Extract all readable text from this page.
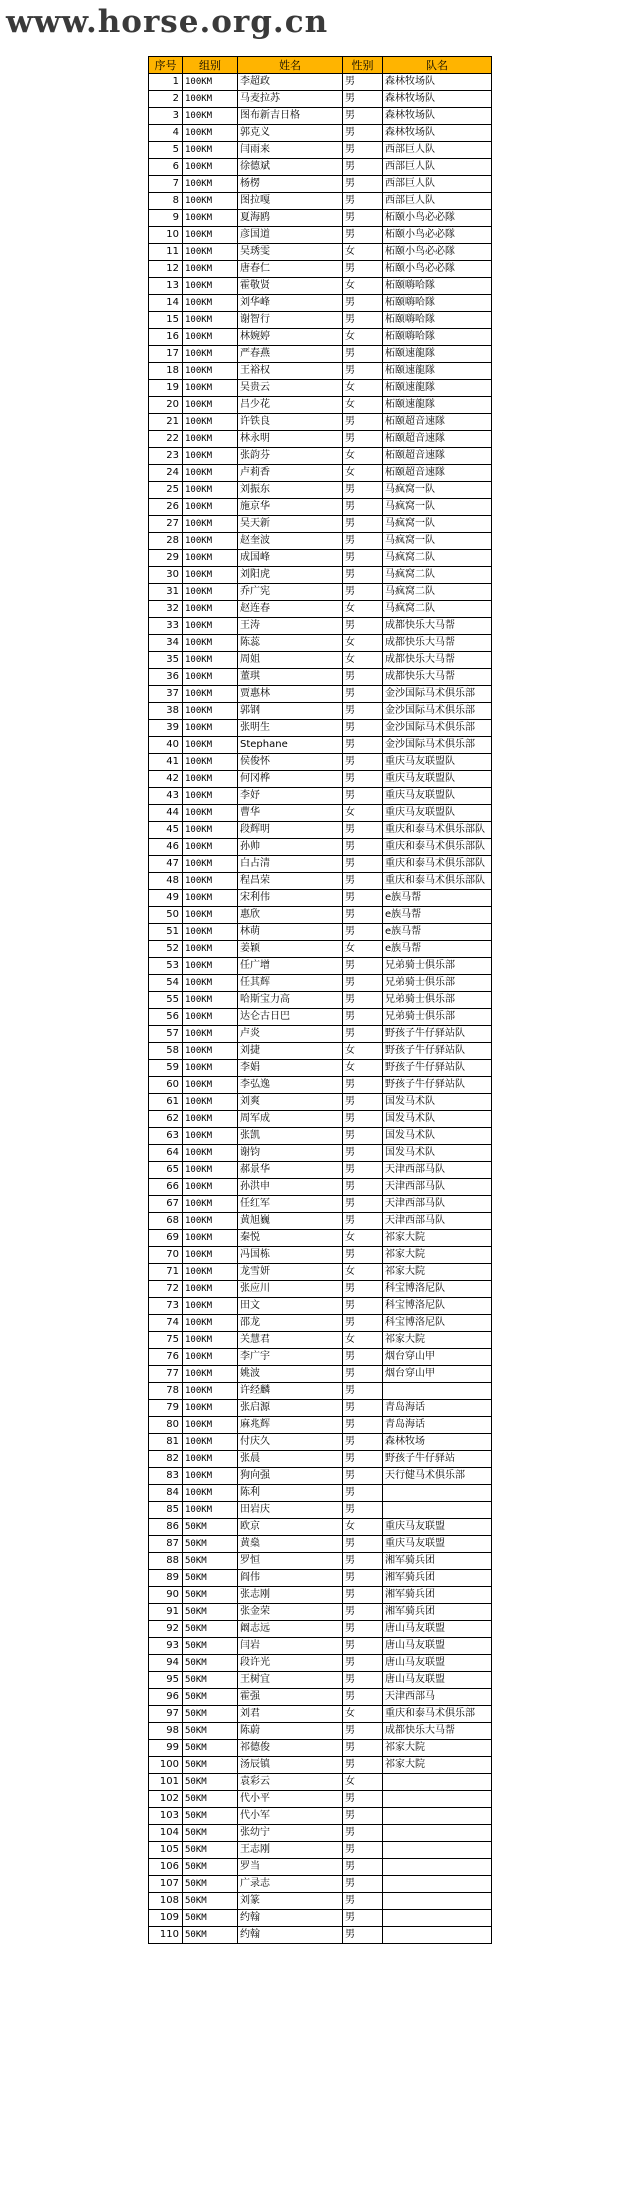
www.horse.org.cn
序号	组别	姓名	性别	队名
1	100KM	李超政	男	森林牧场队
2	100KM	马麦拉苏	男	森林牧场队
3	100KM	图布新吉日格	男	森林牧场队
4	100KM	郭克义	男	森林牧场队
5	100KM	闫雨来	男	西部巨人队
6	100KM	徐德斌	男	西部巨人队
7	100KM	杨楞	男	西部巨人队
8	100KM	图拉嘎	男	西部巨人队
9	100KM	夏海鸥	男	柘颐小鸟必必隊
10	100KM	彦国道	男	柘颐小鸟必必隊
11	100KM	吴琇雯	女	柘颐小鸟必必隊
12	100KM	唐春仁	男	柘颐小鸟必必隊
13	100KM	霍敬贤	女	柘颐嗨哈隊
14	100KM	刘华峰	男	柘颐嗨哈隊
15	100KM	谢智行	男	柘颐嗨哈隊
16	100KM	林婉婷	女	柘颐嗨哈隊
17	100KM	严春燕	男	柘颐速龍隊
18	100KM	王裕权	男	柘颐速龍隊
19	100KM	吴贵云	女	柘颐速龍隊
20	100KM	吕少花	女	柘颐速龍隊
21	100KM	许铁良	男	柘颐超音速隊
22	100KM	林永明	男	柘颐超音速隊
23	100KM	张韵芬	女	柘颐超音速隊
24	100KM	卢莉香	女	柘颐超音速隊
25	100KM	刘振东	男	马疯窝一队
26	100KM	施京华	男	马疯窝一队
27	100KM	吴天新	男	马疯窝一队
28	100KM	赵奎波	男	马疯窝一队
29	100KM	成国峰	男	马疯窝二队
30	100KM	刘阳虎	男	马疯窝二队
31	100KM	乔广宪	男	马疯窝二队
32	100KM	赵连春	女	马疯窝二队
33	100KM	王涛	男	成都快乐大马帮
34	100KM	陈蕊	女	成都快乐大马帮
35	100KM	周姐	女	成都快乐大马帮
36	100KM	董琪	男	成都快乐大马帮
37	100KM	贾惠林	男	金沙国际马术俱乐部
38	100KM	郭钢	男	金沙国际马术俱乐部
39	100KM	张明生	男	金沙国际马术俱乐部
40	100KM	Stephane	男	金沙国际马术俱乐部
41	100KM	侯俊怀	男	重庆马友联盟队
42	100KM	何冈桦	男	重庆马友联盟队
43	100KM	李妤	男	重庆马友联盟队
44	100KM	曹华	女	重庆马友联盟队
45	100KM	段辉明	男	重庆和泰马术俱乐部队
46	100KM	孙帅	男	重庆和泰马术俱乐部队
47	100KM	白占清	男	重庆和泰马术俱乐部队
48	100KM	程昌荣	男	重庆和泰马术俱乐部队
49	100KM	宋利伟	男	e族马帮
50	100KM	惠欣	男	e族马帮
51	100KM	林萌	男	e族马帮
52	100KM	姜颖	女	e族马帮
53	100KM	任广增	男	兄弟骑士俱乐部
54	100KM	任其辉	男	兄弟骑士俱乐部
55	100KM	哈斯宝力高	男	兄弟骑士俱乐部
56	100KM	达仑古日巴	男	兄弟骑士俱乐部
57	100KM	卢炎	男	野孩子牛仔驿站队
58	100KM	刘捷	女	野孩子牛仔驿站队
59	100KM	李娟	女	野孩子牛仔驿站队
60	100KM	李弘逸	男	野孩子牛仔驿站队
61	100KM	刘爽	男	国发马术队
62	100KM	周军成	男	国发马术队
63	100KM	张凯	男	国发马术队
64	100KM	谢钧	男	国发马术队
65	100KM	郝景华	男	天津西部马队
66	100KM	孙洪申	男	天津西部马队
67	100KM	任红军	男	天津西部马队
68	100KM	黄旭巍	男	天津西部马队
69	100KM	秦悦	女	祁家大院
70	100KM	冯国栋	男	祁家大院
71	100KM	龙雪妍	女	祁家大院
72	100KM	张应川	男	科宝博洛尼队
73	100KM	田文	男	科宝博洛尼队
74	100KM	邵龙	男	科宝博洛尼队
75	100KM	关慧君	女	祁家大院
76	100KM	李广宇	男	烟台穿山甲
77	100KM	姚波	男	烟台穿山甲
78	100KM	许经麟	男	
79	100KM	张启源	男	青岛海话
80	100KM	麻兆辉	男	青岛海话
81	100KM	付庆久	男	森林牧场
82	100KM	张晨	男	野孩子牛仔驿站
83	100KM	狗向强	男	天行健马术俱乐部
84	100KM	陈利	男	
85	100KM	田岩庆	男	
86	50KM	欧京	女	重庆马友联盟
87	50KM	黄燊	男	重庆马友联盟
88	50KM	罗恒	男	湘军骑兵团
89	50KM	阎伟	男	湘军骑兵团
90	50KM	张志刚	男	湘军骑兵团
91	50KM	张金荣	男	湘军骑兵团
92	50KM	阚志远	男	唐山马友联盟
93	50KM	闫岩	男	唐山马友联盟
94	50KM	段许光	男	唐山马友联盟
95	50KM	王树宜	男	唐山马友联盟
96	50KM	霍强	男	天津西部马
97	50KM	刘君	女	重庆和泰马术俱乐部
98	50KM	陈蔚	男	成都快乐大马帮
99	50KM	祁德俊	男	祁家大院
100	50KM	汤辰镇	男	祁家大院
101	50KM	袁彩云	女	
102	50KM	代小平	男	
103	50KM	代小军	男	
104	50KM	张幼宁	男	
105	50KM	王志刚	男	
106	50KM	罗当	男	
107	50KM	广录志	男	
108	50KM	刘篆	男	
109	50KM	约翰	男	
110	50KM	约翰	男	
